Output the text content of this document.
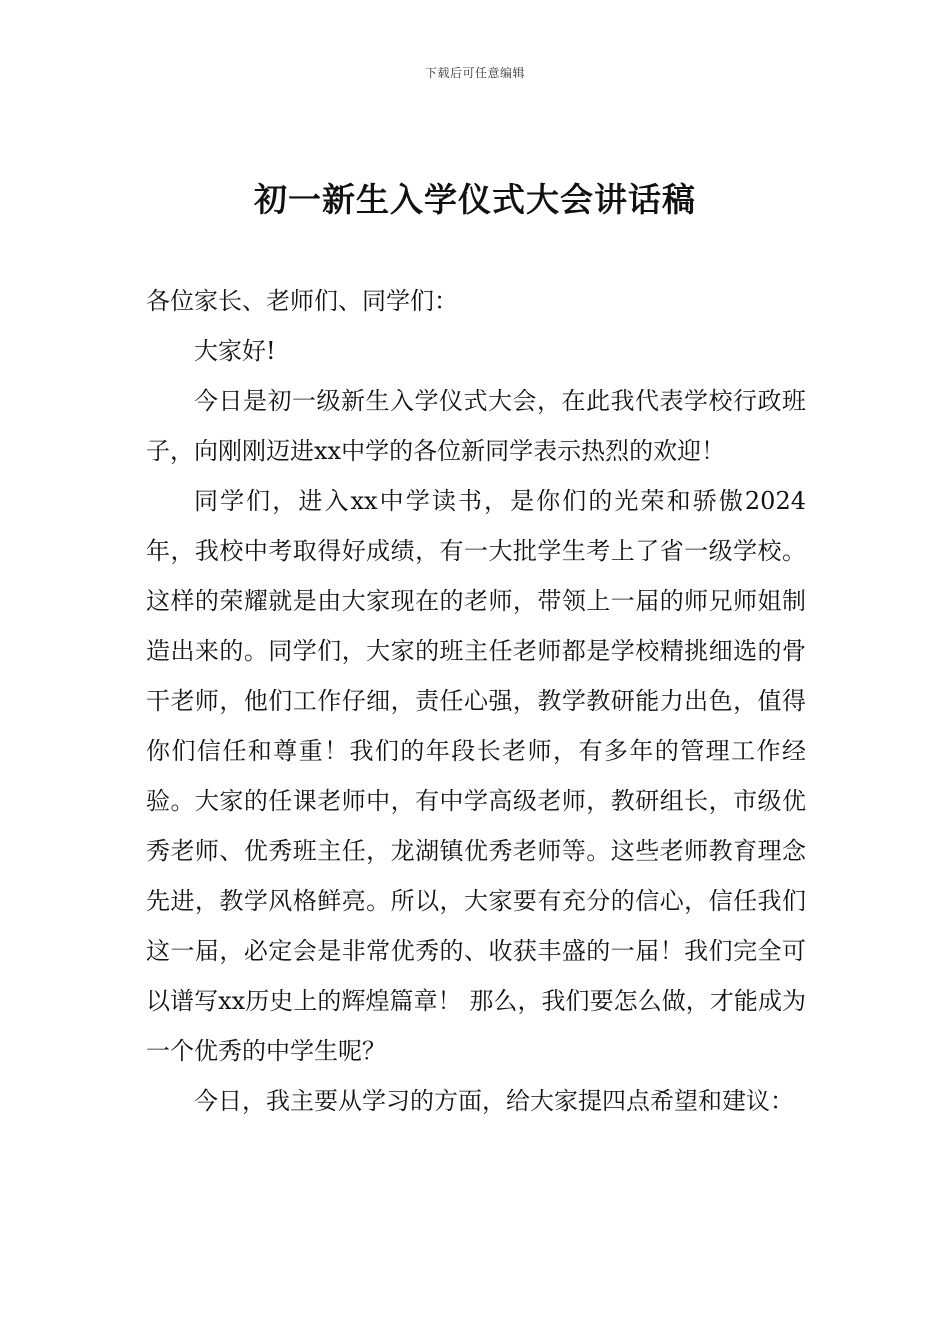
下载后可任意编辑
初一新生入学仪式大会讲话稿

各位家长、老师们、同学们：

大家好!

今日是初一级新生入学仪式大会，在此我代表学校行政班子，向刚刚迈进xx中学的各位新同学表示热烈的欢迎！

同学们，进入xx中学读书，是你们的光荣和骄傲2024年，我校中考取得好成绩，有一大批学生考上了省一级学校。这样的荣耀就是由大家现在的老师，带领上一届的师兄师姐制造出来的。同学们，大家的班主任老师都是学校精挑细选的骨干老师，他们工作仔细，责任心强，教学教研能力出色，值得你们信任和尊重！我们的年段长老师，有多年的管理工作经验。大家的任课老师中，有中学高级老师，教研组长，市级优秀老师、优秀班主任，龙湖镇优秀老师等。这些老师教育理念先进，教学风格鲜亮。所以，大家要有充分的信心，信任我们这一届，必定会是非常优秀的、收获丰盛的一届！我们完全可以谱写xx历史上的辉煌篇章！ 那么，我们要怎么做，才能成为一个优秀的中学生呢？

今日，我主要从学习的方面，给大家提四点希望和建议：
